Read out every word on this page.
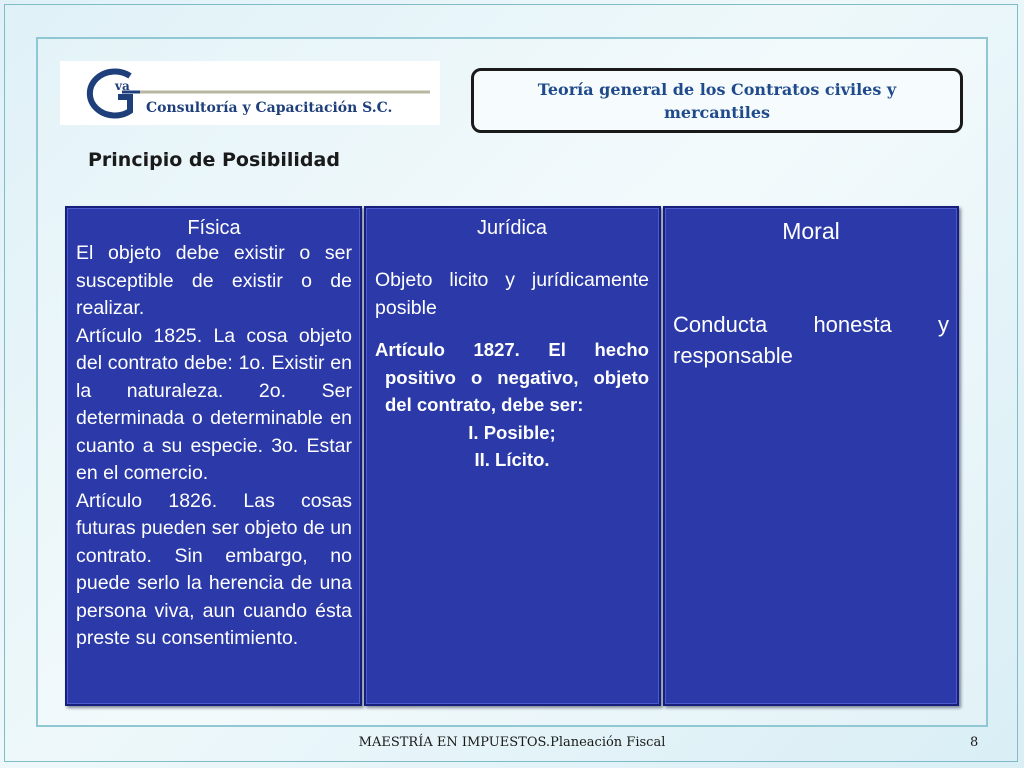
va
Consultoría y Capacitación S.C.
Teoría general de los Contratos civiles y mercantiles
Principio de Posibilidad
Física
El objeto debe existir o ser susceptible de existir o de realizar.
Artículo 1825. La cosa objeto del contrato debe: 1o. Existir en la naturaleza. 2o. Ser determinada o determinable en cuanto a su especie. 3o. Estar en el comercio.
Artículo 1826. Las cosas futuras pueden ser objeto de un contrato. Sin embargo, no puede serlo la herencia de una persona viva, aun cuando ésta preste su consentimiento.
Jurídica
Objeto licito y jurídicamente posible
Artículo 1827. El hecho
positivo o negativo, objeto del contrato, debe ser:
I. Posible;
II. Lícito.
Moral
Conducta honesta y responsable
MAESTRÍA EN IMPUESTOS.Planeación Fiscal	8
